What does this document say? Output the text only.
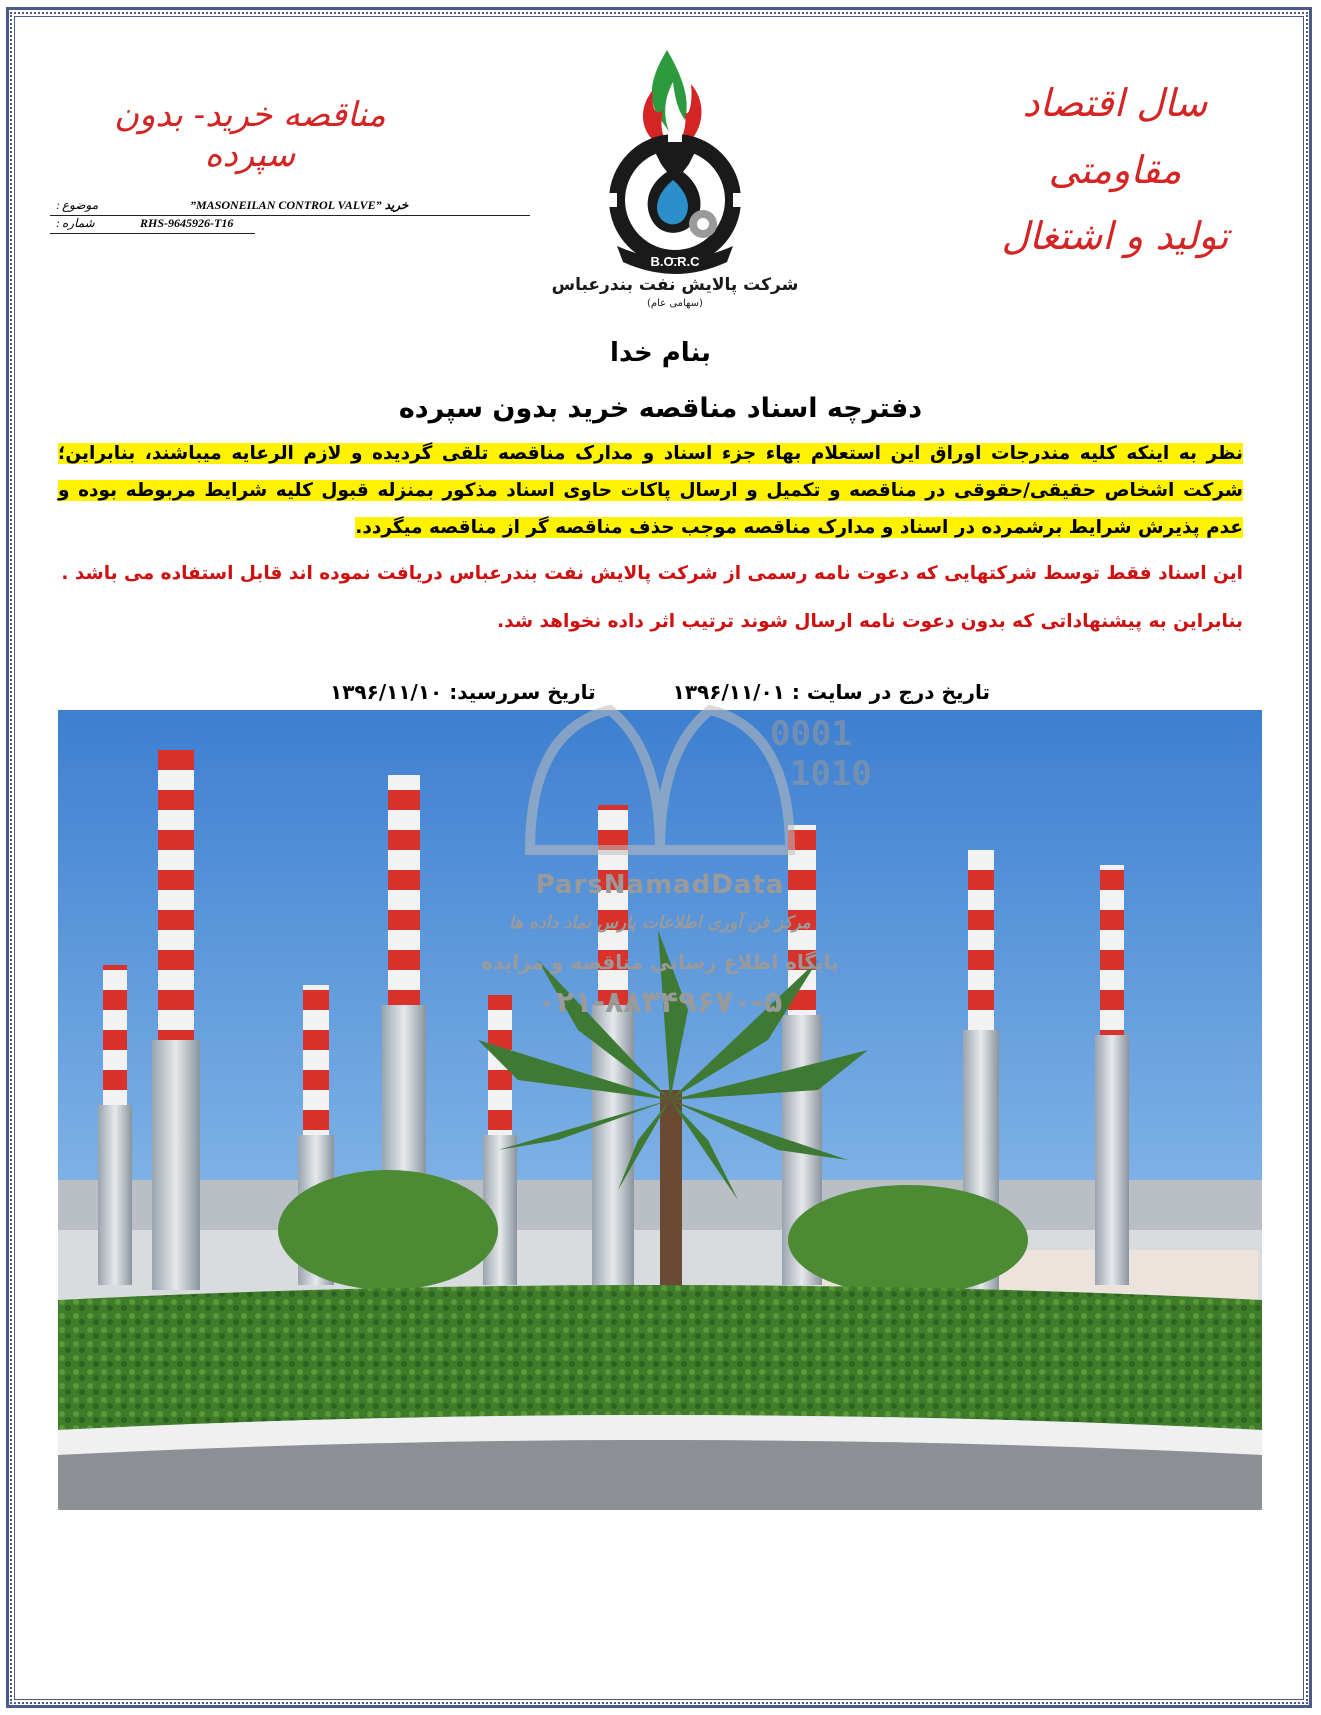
مناقصه خرید- بدون سپرده
سال اقتصاد مقاومتی
تولید و اشتغال
: موضوع	”MASONEILAN CONTROL VALVE” خرید
: شماره	RHS-9645926-T16
B.O.R.C
شرکت پالایش نفت بندرعباس
(سهامی عام)
بنام خدا
دفترچه اسناد مناقصه خرید بدون سپرده
نظر به اینکه کلیه مندرجات اوراق این استعلام بهاء جزء اسناد و مدارک مناقصه تلقی گردیده و لازم الرعایه میباشند، بنابراین؛ شرکت اشخاص حقیقی/حقوقی در مناقصه و تکمیل و ارسال پاکات حاوی اسناد مذکور بمنزله قبول کلیه شرایط مربوطه بوده و عدم پذیرش شرایط برشمرده در اسناد و مدارک مناقصه موجب حذف مناقصه گر از مناقصه میگردد.
این اسناد فقط توسط شرکتهایی که دعوت نامه رسمی از شرکت پالایش نفت بندرعباس دریافت نموده اند قابل استفاده می باشد .
بنابراین به پیشنهاداتی که بدون دعوت نامه ارسال شوند ترتیب اثر داده نخواهد شد.
تاریخ درج در سایت : ۱۳۹۶/۱۱/۰۱
تاریخ سررسید: ۱۳۹۶/۱۱/۱۰
0001
1010
ParsNamadData
مرکز فن آوری اطلاعات پارس نماد داده ها
پایگاه اطلاع رسانی مناقصه و مزایده
۰۲۱-۸۸۳۴۹۶۷۰-۵
